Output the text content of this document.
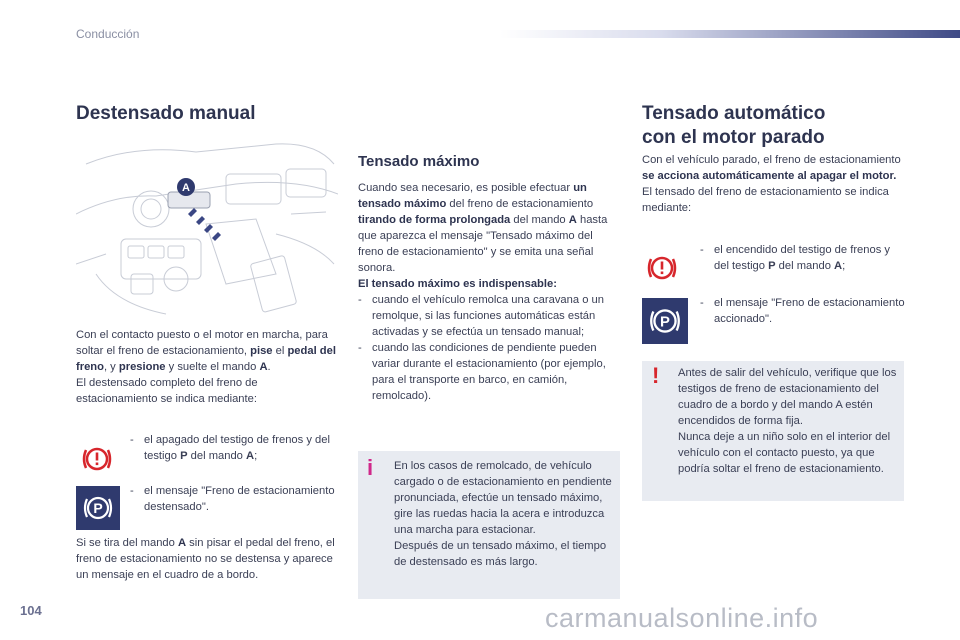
Conducción
Destensado manual
A

Con el contacto puesto o el motor en marcha, para soltar el freno de estacionamiento, pise el pedal del freno, y presione y suelte el mando A.

El destensado completo del freno de estacionamiento se indica mediante:

- el apagado del testigo de frenos y del testigo P del mando A;
P
- el mensaje "Freno de estacionamiento destensado".

Si se tira del mando A sin pisar el pedal del freno, el freno de estacionamiento no se destensa y aparece un mensaje en el cuadro de a bordo.

Tensado máximo

Cuando sea necesario, es posible efectuar un tensado máximo del freno de estacionamiento tirando de forma prolongada del mando A hasta que aparezca el mensaje "Tensado máximo del freno de estacionamiento" y se emita una señal sonora.

El tensado máximo es indispensable:

- cuando el vehículo remolca una caravana o un remolque, si las funciones automáticas están activadas y se efectúa un tensado manual;
- cuando las condiciones de pendiente pueden variar durante el estacionamiento (por ejemplo, para el transporte en barco, en camión, remolcado).
i En los casos de remolcado, de vehículo cargado o de estacionamiento en pendiente pronunciada, efectúe un tensado máximo, gire las ruedas hacia la acera e introduzca una marcha para estacionar.
Después de un tensado máximo, el tiempo de destensado es más largo.

Tensado automático
con el motor parado

Con el vehículo parado, el freno de estacionamiento se acciona automáticamente al apagar el motor.

El tensado del freno de estacionamiento se indica mediante:

- el encendido del testigo de frenos y del testigo P del mando A;
P
- el mensaje "Freno de estacionamiento accionado".
! Antes de salir del vehículo, verifique que los testigos de freno de estacionamiento del cuadro de a bordo y del mando A estén encendidos de forma fija.
Nunca deje a un niño solo en el interior del vehículo con el contacto puesto, ya que podría soltar el freno de estacionamiento.

104	carmanualsonline.info
